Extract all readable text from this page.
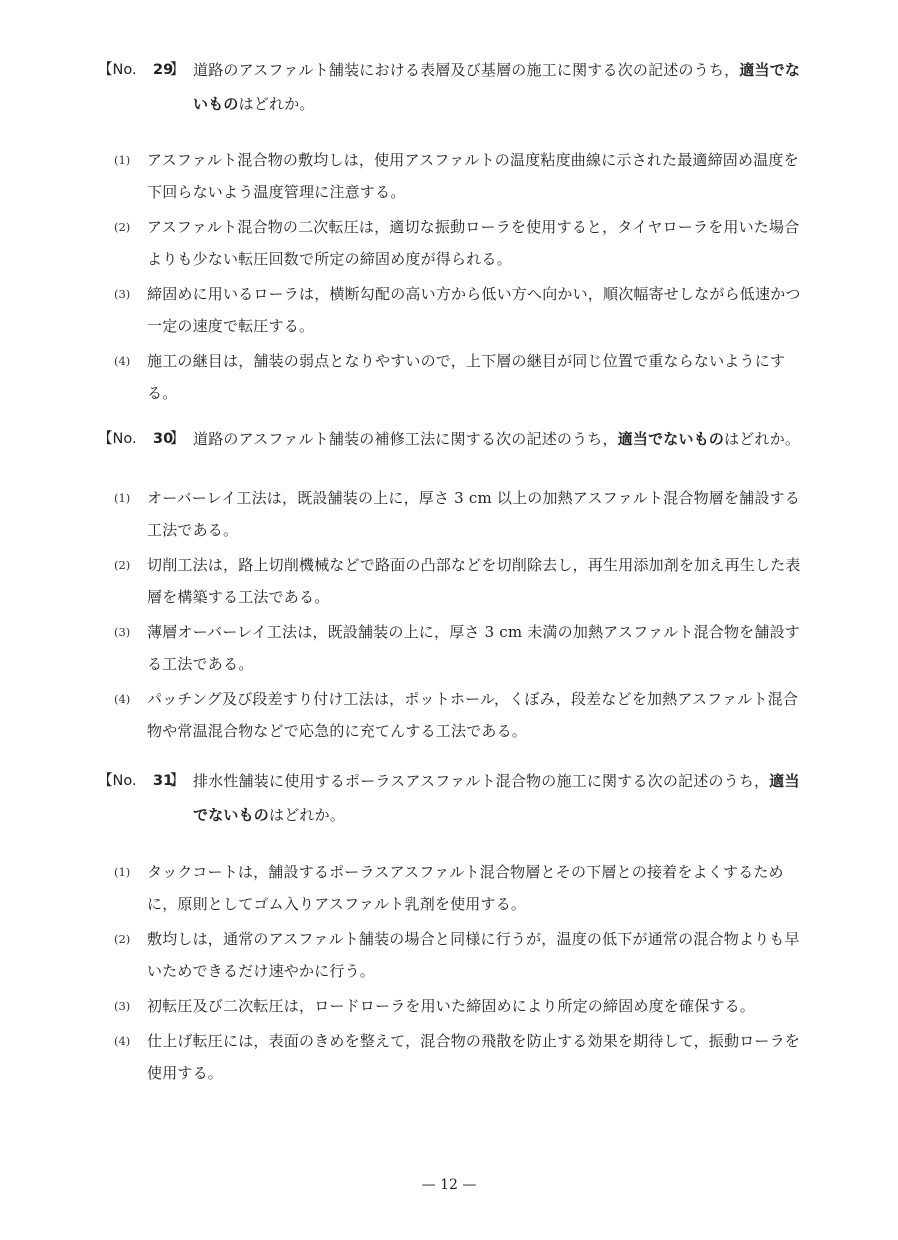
【No. 29
】 道路のアスファルト舗装における表層及び基層の施工に関する次の記述のうち，適当でないものはどれか。
(1) アスファルト混合物の敷均しは，使用アスファルトの温度粘度曲線に示された最適締固め温度を下回らないよう温度管理に注意する。
(2) アスファルト混合物の二次転圧は，適切な振動ローラを使用すると，タイヤローラを用いた場合よりも少ない転圧回数で所定の締固め度が得られる。
(3) 締固めに用いるローラは，横断勾配の高い方から低い方へ向かい，順次幅寄せしながら低速かつ一定の速度で転圧する。
(4) 施工の継目は，舗装の弱点となりやすいので，上下層の継目が同じ位置で重ならないようにする。
【No. 30
】 道路のアスファルト舗装の補修工法に関する次の記述のうち，適当でないものはどれか。
(1) オーバーレイ工法は，既設舗装の上に，厚さ 3 cm 以上の加熱アスファルト混合物層を舗設する工法である。
(2) 切削工法は，路上切削機械などで路面の凸部などを切削除去し，再生用添加剤を加え再生した表層を構築する工法である。
(3) 薄層オーバーレイ工法は，既設舗装の上に，厚さ 3 cm 未満の加熱アスファルト混合物を舗設する工法である。
(4) パッチング及び段差すり付け工法は，ポットホール，くぼみ，段差などを加熱アスファルト混合物や常温混合物などで応急的に充てんする工法である。
【No. 31
】 排水性舗装に使用するポーラスアスファルト混合物の施工に関する次の記述のうち，適当でないものはどれか。
(1) タックコートは，舗設するポーラスアスファルト混合物層とその下層との接着をよくするために，原則としてゴム入りアスファルト乳剤を使用する。
(2) 敷均しは，通常のアスファルト舗装の場合と同様に行うが，温度の低下が通常の混合物よりも早いためできるだけ速やかに行う。
(3) 初転圧及び二次転圧は，ロードローラを用いた締固めにより所定の締固め度を確保する。
(4) 仕上げ転圧には，表面のきめを整えて，混合物の飛散を防止する効果を期待して，振動ローラを使用する。
— 12 —
